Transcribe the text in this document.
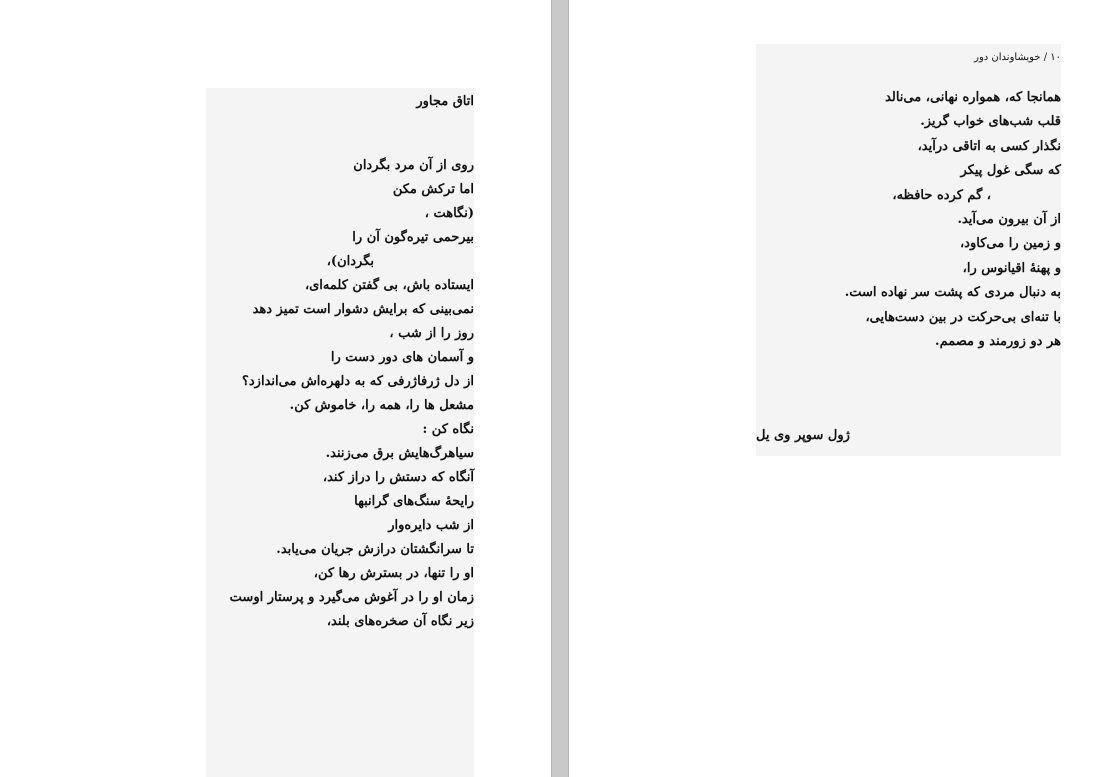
اتاق مجاور
روی از آن مرد بگردان
اما ترکش مکن
(نگاهت ،
بیرحمی تیره‌گون آن را
بگردان)،
ایستاده باش، بی گفتن کلمه‌ای،
نمی‌بینی که برایش دشوار است تمیز دهد
روز را از شب ،
و آسمان های دور دست را
از دل ژرفاژرفی که به دلهره‌اش می‌اندازد؟
مشعل ها را، همه را، خاموش کن.
نگاه کن :
سیاهرگ‌هایش برق می‌زنند.
آنگاه که دستش را دراز کند،
رایحهٔ سنگ‌های گرانبها
از شب دایره‌وار
تا سرانگشتان درازش جریان می‌یابد.
او را تنها، در بسترش رها کن،
زمان او را در آغوش می‌گیرد و پرستار اوست
زیر نگاه آن صخره‌های بلند،
۱۰ / خویشاوندان دور
همانجا که، همواره نهانی، می‌نالد
قلب شب‌های خواب گریز.
نگذار کسی به اتاقی درآید،
که سگی غول پیکر
، گم کرده حافظه،
از آن بیرون می‌آید.
و زمین را می‌کاود،
و پهنهٔ اقیانوس را،
به دنبال مردی که پشت سر نهاده است.
با تنه‌ای بی‌حرکت در بین دست‌هایی،
هر دو زورمند و مصمم.
ژول سوپر وی یل
